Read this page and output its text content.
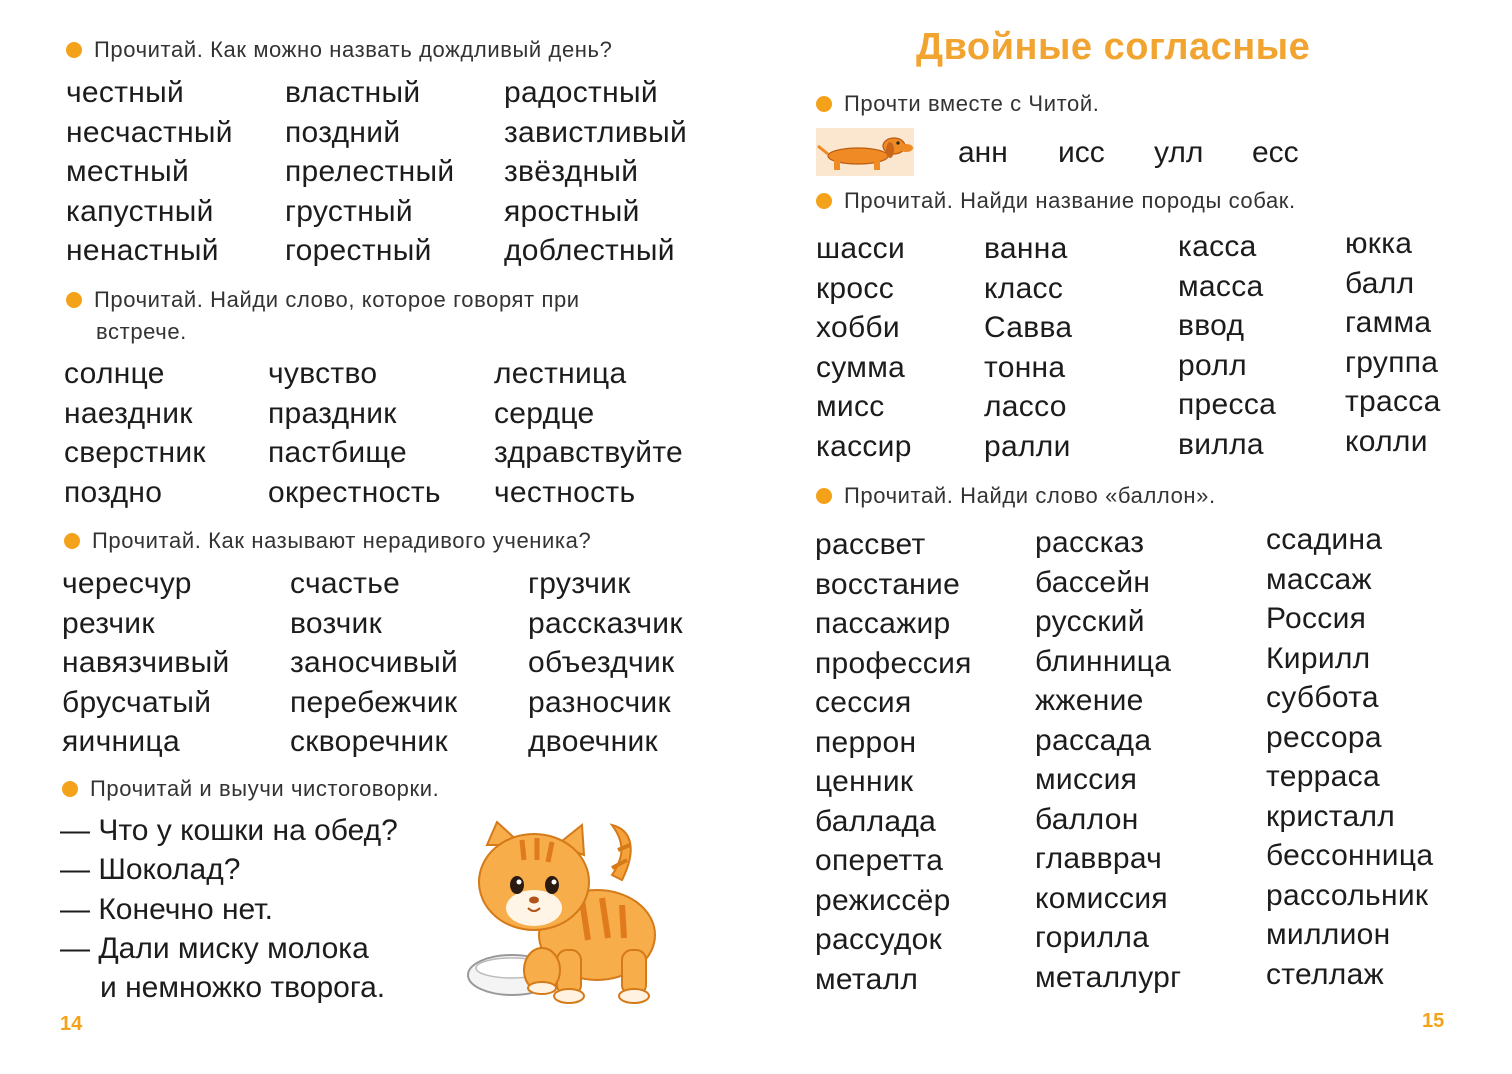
Прочитай. Как можно назвать дождливый день?
честный
несчастный
местный
капустный
ненастный
властный
поздний
прелестный
грустный
горестный
радостный
завистливый
звёздный
яростный
доблестный
Прочитай. Найди слово, которое говорят при
встрече.
солнце
наездник
сверстник
поздно
чувство
праздник
пастбище
окрестность
лестница
сердце
здравствуйте
честность
Прочитай. Как называют нерадивого ученика?
чересчур
резчик
навязчивый
брусчатый
яичница
счастье
возчик
заносчивый
перебежчик
скворечник
грузчик
рассказчик
объездчик
разносчик
двоечник
Прочитай и выучи чистоговорки.
— Что у кошки на обед?
— Шоколад?
— Конечно нет.
— Дали миску молока
и немножко творога.
14
Двойные согласные
Прочти вместе с Читой.
анн исс улл есс
Прочитай. Найди название породы собак.
шасси
кросс
хобби
сумма
мисс
кассир
ванна
класс
Савва
тонна
лассо
ралли
касса
масса
ввод
ролл
пресса
вилла
юкка
балл
гамма
группа
трасса
колли
Прочитай. Найди слово «баллон».
рассвет
восстание
пассажир
профессия
сессия
перрон
ценник
баллада
оперетта
режиссёр
рассудок
металл
рассказ
бассейн
русский
блинница
жжение
рассада
миссия
баллон
главврач
комиссия
горилла
металлург
ссадина
массаж
Россия
Кирилл
суббота
рессора
терраса
кристалл
бессонница
рассольник
миллион
стеллаж
15
